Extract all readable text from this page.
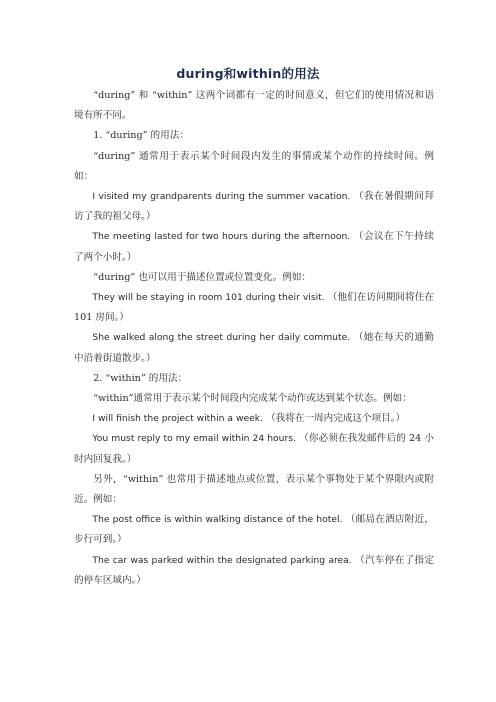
during和within的用法

“during” 和 “within” 这两个词都有一定的时间意义，但它们的使用情况和语境有所不同。

1. “during” 的用法：

“during” 通常用于表示某个时间段内发生的事情或某个动作的持续时间。例如：

I visited my grandparents during the summer vacation. （我在暑假期间拜访了我的祖父母。）

The meeting lasted for two hours during the afternoon. （会议在下午持续了两个小时。）

“during” 也可以用于描述位置或位置变化。例如：

They will be staying in room 101 during their visit. （他们在访问期间将住在 101 房间。）

She walked along the street during her daily commute. （她在每天的通勤中沿着街道散步。）

2. “within” 的用法：

“within”通常用于表示某个时间段内完成某个动作或达到某个状态。例如：

I will finish the project within a week. （我将在一周内完成这个项目。）

You must reply to my email within 24 hours. （你必须在我发邮件后的 24 小时内回复我。）

另外，“within” 也常用于描述地点或位置，表示某个事物处于某个界限内或附近。例如：

The post office is within walking distance of the hotel. （邮局在酒店附近，步行可到。）

The car was parked within the designated parking area. （汽车停在了指定的停车区域内。）
